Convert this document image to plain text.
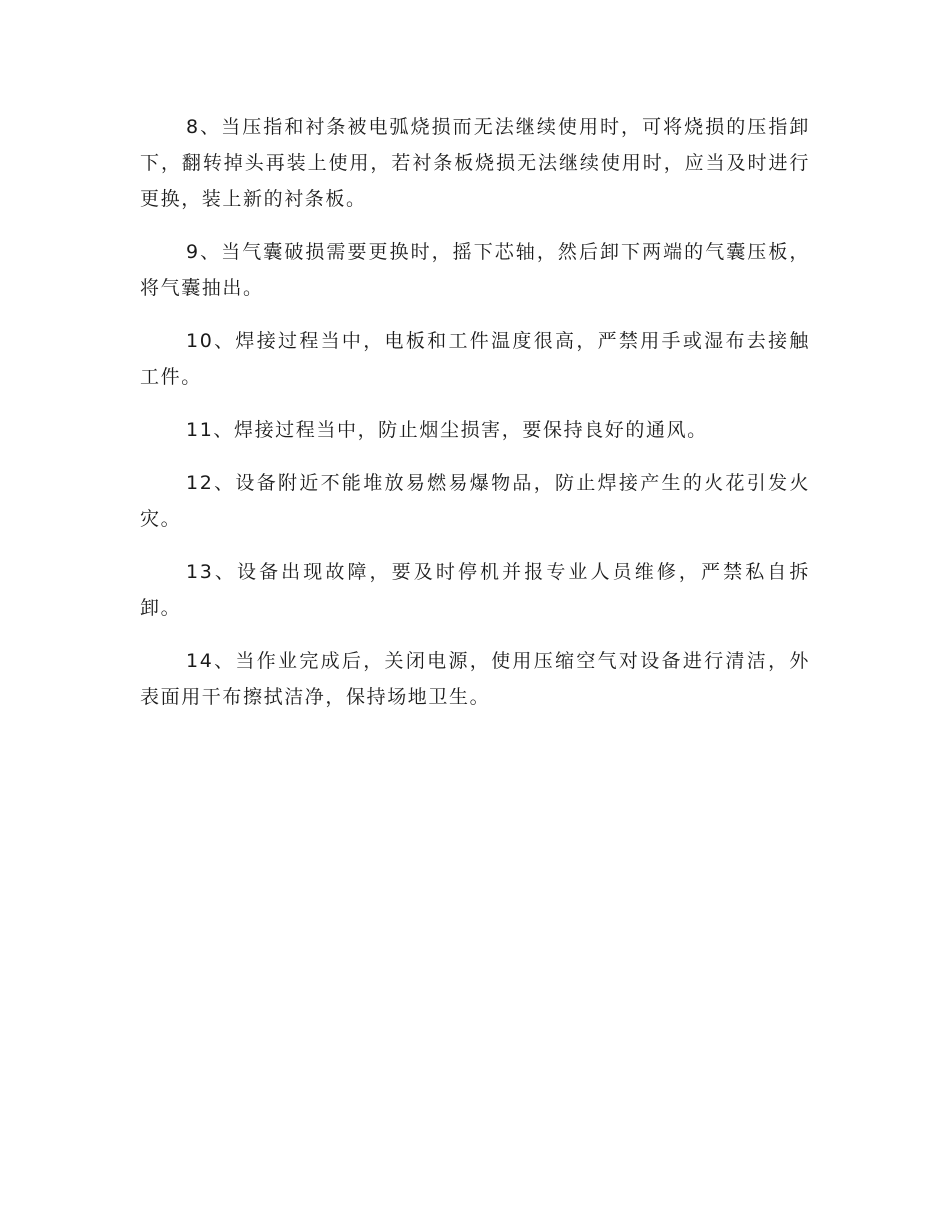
8、当压指和衬条被电弧烧损而无法继续使用时，可将烧损的压指卸下，翻转掉头再装上使用，若衬条板烧损无法继续使用时，应当及时进行更换，装上新的衬条板。

9、当气囊破损需要更换时，摇下芯轴，然后卸下两端的气囊压板，将气囊抽出。

10、焊接过程当中，电板和工件温度很高，严禁用手或湿布去接触工件。

11、焊接过程当中，防止烟尘损害，要保持良好的通风。

12、设备附近不能堆放易燃易爆物品，防止焊接产生的火花引发火灾。

13、设备出现故障，要及时停机并报专业人员维修，严禁私自拆卸。

14、当作业完成后，关闭电源，使用压缩空气对设备进行清洁，外表面用干布擦拭洁净，保持场地卫生。
